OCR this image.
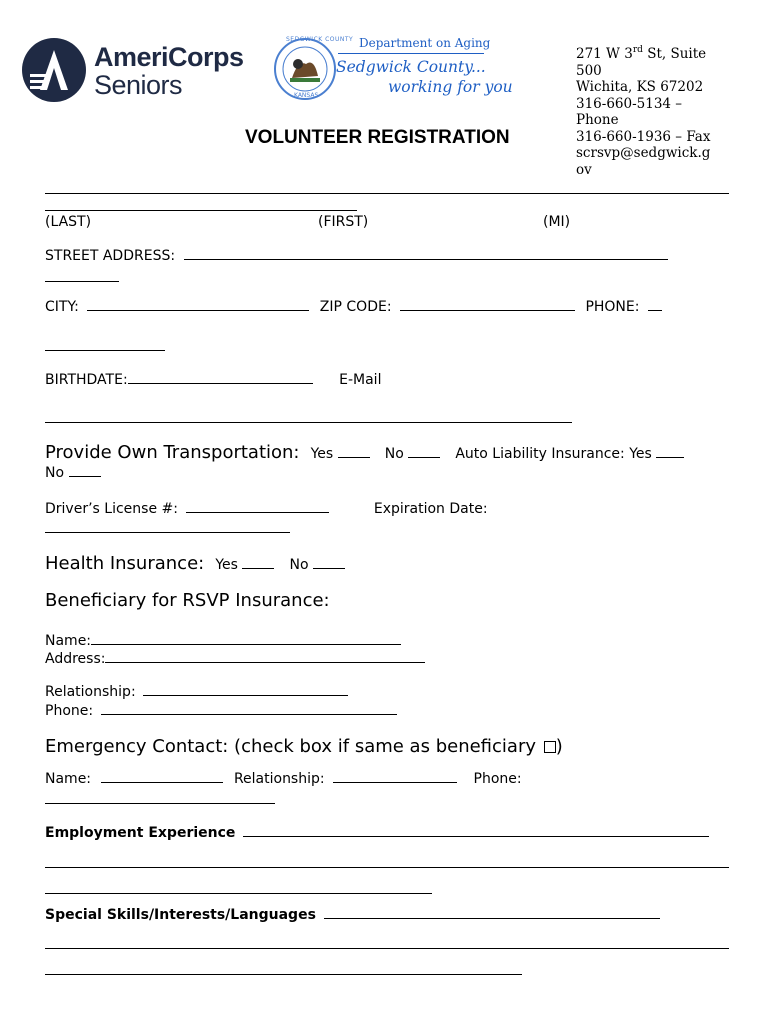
AmeriCorps
Seniors
SEDGWICK COUNTY
KANSAS
Department on Aging
Sedgwick County...
working for you
VOLUNTEER REGISTRATION
271 W 3rd St, Suite
500
Wichita, KS 67202
316-660-5134 –
Phone
316-660-1936 – Fax
scrsvp@sedgwick.g
ov
(LAST)	(FIRST)	(MI)
STREET ADDRESS:
CITY:	ZIP CODE:	PHONE:
BIRTHDATE:	E-Mail
Provide Own Transportation: Yes	No	Auto Liability Insurance: Yes
No
Driver’s License #:	Expiration Date:
Health Insurance: Yes	No
Beneficiary for RSVP Insurance:
Name:
Address:
Relationship:
Phone:
Emergency Contact: (check box if same as beneficiary )
Name:	Relationship:	Phone:
Employment Experience
Special Skills/Interests/Languages
